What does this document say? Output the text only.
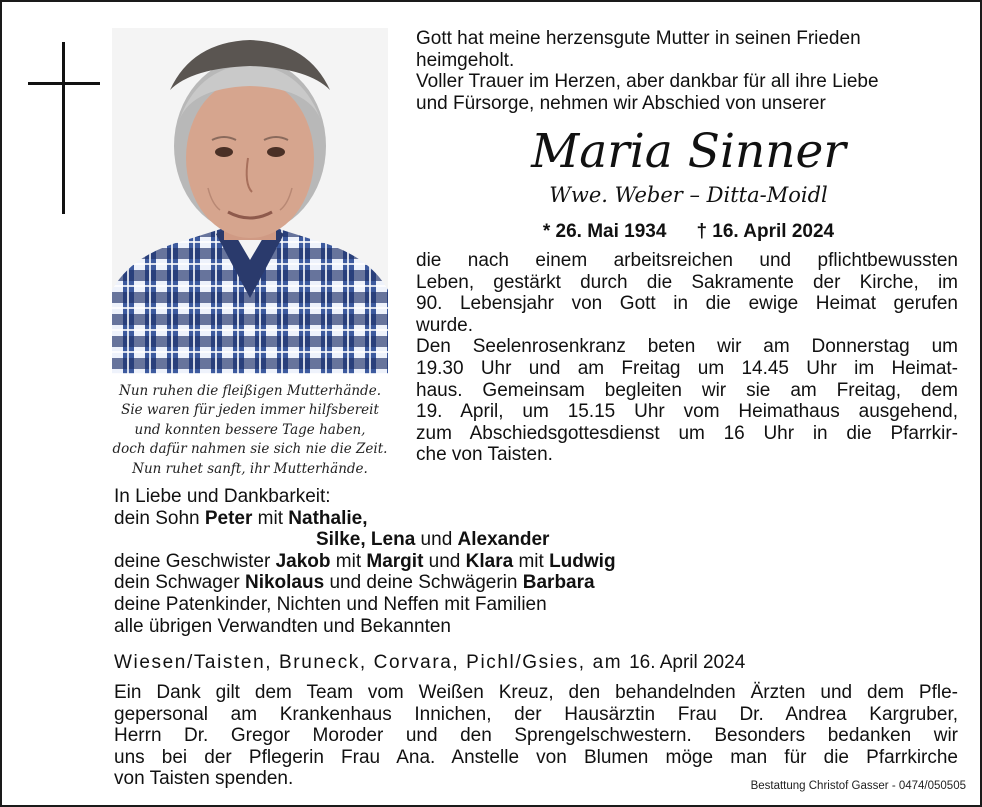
Nun ruhen die fleißigen Mutterhände.
Sie waren für jeden immer hilfsbereit
und konnten bessere Tage haben,
doch dafür nahmen sie sich nie die Zeit.
Nun ruhet sanft, ihr Mutterhände.
Gott hat meine herzensgute Mutter in seinen Frieden
heimgeholt.
Voller Trauer im Herzen, aber dankbar für all ihre Liebe
und Fürsorge, nehmen wir Abschied von unserer
Maria Sinner
Wwe. Weber – Ditta-Moidl
* 26. Mai 1934 † 16. April 2024
die nach einem arbeitsreichen und pflichtbewussten
Leben, gestärkt durch die Sakramente der Kirche, im
90. Lebensjahr von Gott in die ewige Heimat gerufen
wurde.
Den Seelenrosenkranz beten wir am Donnerstag um
19.30 Uhr und am Freitag um 14.45 Uhr im Heimat-
haus. Gemeinsam begleiten wir sie am Freitag, dem
19. April, um 15.15 Uhr vom Heimathaus ausgehend,
zum Abschiedsgottesdienst um 16 Uhr in die Pfarrkir-
che von Taisten.
In Liebe und Dankbarkeit:
dein Sohn Peter mit Nathalie,
Silke, Lena und Alexander
deine Geschwister Jakob mit Margit und Klara mit Ludwig
dein Schwager Nikolaus und deine Schwägerin Barbara
deine Patenkinder, Nichten und Neffen mit Familien
alle übrigen Verwandten und Bekannten
Wiesen/Taisten, Bruneck, Corvara, Pichl/Gsies, am 16. April 2024
Ein Dank gilt dem Team vom Weißen Kreuz, den behandelnden Ärzten und dem Pfle-
gepersonal am Krankenhaus Innichen, der Hausärztin Frau Dr. Andrea Kargruber,
Herrn Dr. Gregor Moroder und den Sprengelschwestern. Besonders bedanken wir
uns bei der Pflegerin Frau Ana. Anstelle von Blumen möge man für die Pfarrkirche
von Taisten spenden.	Bestattung Christof Gasser - 0474/050505
